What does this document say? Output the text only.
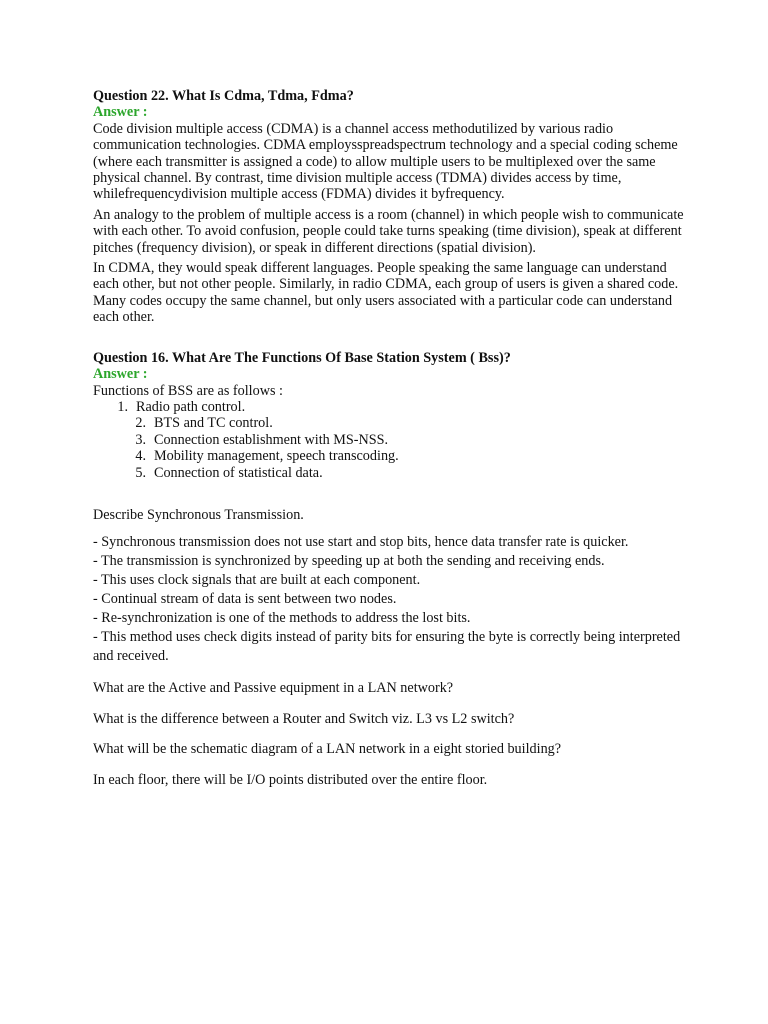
Question 22. What Is Cdma, Tdma, Fdma?

Answer :

Code division multiple access (CDMA) is a channel access methodutilized by various radio communication technologies. CDMA employsspreadspectrum technology and a special coding scheme (where each transmitter is assigned a code) to allow multiple users to be multiplexed over the same physical channel. By contrast, time division multiple access (TDMA) divides access by time, whilefrequencydivision multiple access (FDMA) divides it byfrequency.

An analogy to the problem of multiple access is a room (channel) in which people wish to communicate with each other. To avoid confusion, people could take turns speaking (time division), speak at different pitches (frequency division), or speak in different directions (spatial division).

In CDMA, they would speak different languages. People speaking the same language can understand each other, but not other people. Similarly, in radio CDMA, each group of users is given a shared code. Many codes occupy the same channel, but only users associated with a particular code can understand each other.

Question 16. What Are The Functions Of Base Station System ( Bss)?

Answer :

Functions of BSS are as follows :

1. Radio path control.
2. BTS and TC control.
3. Connection establishment with MS-NSS.
4. Mobility management, speech transcoding.
5. Connection of statistical data.

Describe Synchronous Transmission.

- Synchronous transmission does not use start and stop bits, hence data transfer rate is quicker.

- The transmission is synchronized by speeding up at both the sending and receiving ends.

- This uses clock signals that are built at each component.

- Continual stream of data is sent between two nodes.

- Re-synchronization is one of the methods to address the lost bits.

- This method uses check digits instead of parity bits for ensuring the byte is correctly being interpreted and received.

What are the Active and Passive equipment in a LAN network?

What is the difference between a Router and Switch viz. L3 vs L2 switch?

What will be the schematic diagram of a LAN network in a eight storied building?

In each floor, there will be I/O points distributed over the entire floor.
